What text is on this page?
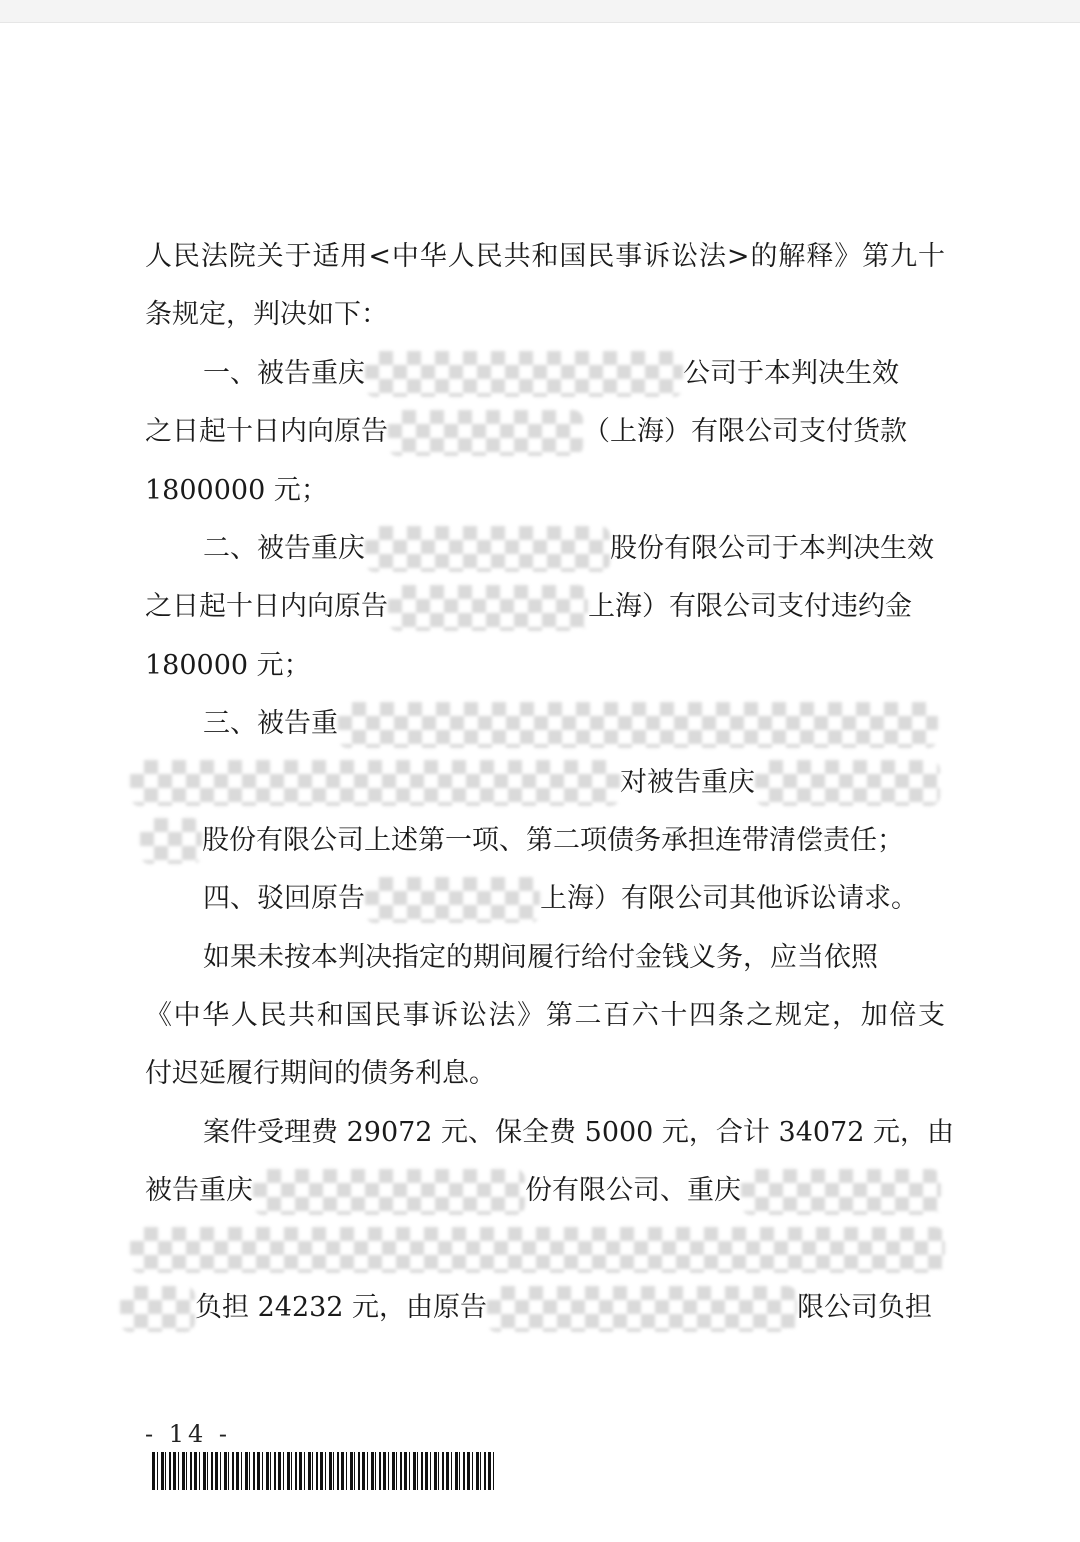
人民法院关于适用<中华人民共和国民事诉讼法>的解释》第九十
条规定，判决如下：
一、被告重庆	公司于本判决生效
之日起十日内向原告	（上海）有限公司支付货款
1800000 元；
二、被告重庆	股份有限公司于本判决生效
之日起十日内向原告	上海）有限公司支付违约金
180000 元；
三、被告重
对被告重庆
股份有限公司上述第一项、第二项债务承担连带清偿责任；
四、驳回原告	上海）有限公司其他诉讼请求。
如果未按本判决指定的期间履行给付金钱义务，应当依照
《中华人民共和国民事诉讼法》第二百六十四条之规定，加倍支
付迟延履行期间的债务利息。
案件受理费 29072 元、保全费 5000 元，合计 34072 元，由
被告重庆	份有限公司、重庆
负担 24232 元，由原告	限公司负担
- 14 -
